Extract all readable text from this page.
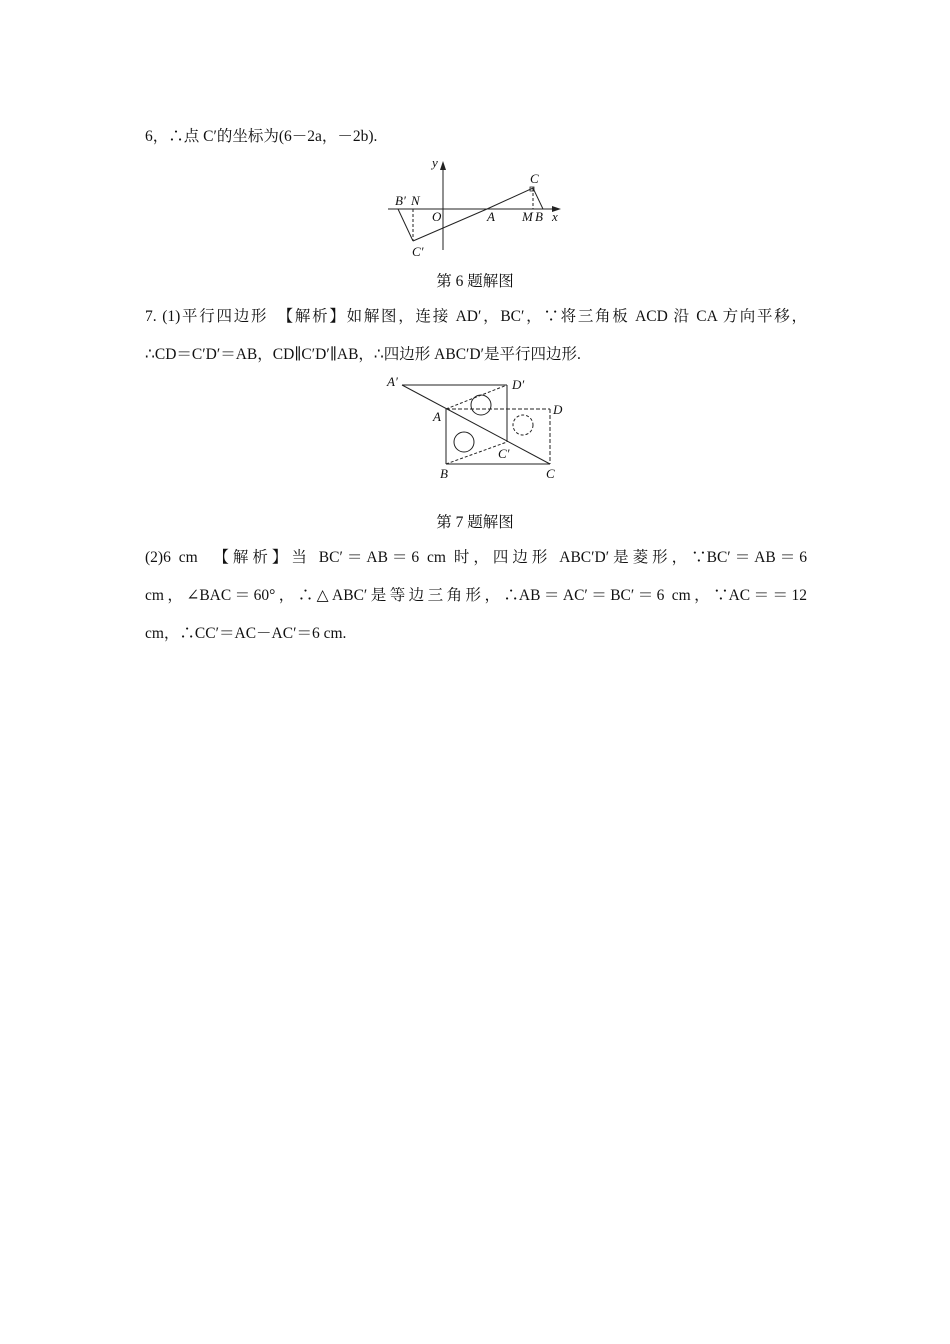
6，∴点 C′的坐标为(6－2a，－2b).
y
x
O	A
C
M B
B′ N
C′
第 6 题解图
7. (1)平行四边形　【解析】如解图，连接 AD′，BC′，∵将三角板 ACD 沿 CA 方向平移，
∴CD＝C′D′＝AB，CD∥C′D′∥AB，∴四边形 ABC′D′是平行四边形.
A′	D′
A	D
C′
B	C
第 7 题解图
(2)6 cm　【解析】当 BC′＝AB＝6 cm 时，四边形 ABC′D′是菱形，∵BC′＝AB＝6
cm，∠BAC＝60°，∴△ABC′是等边三角形，∴AB＝AC′＝BC′＝6 cm，∵AC＝＝12
cm，∴CC′＝AC－AC′＝6 cm.
